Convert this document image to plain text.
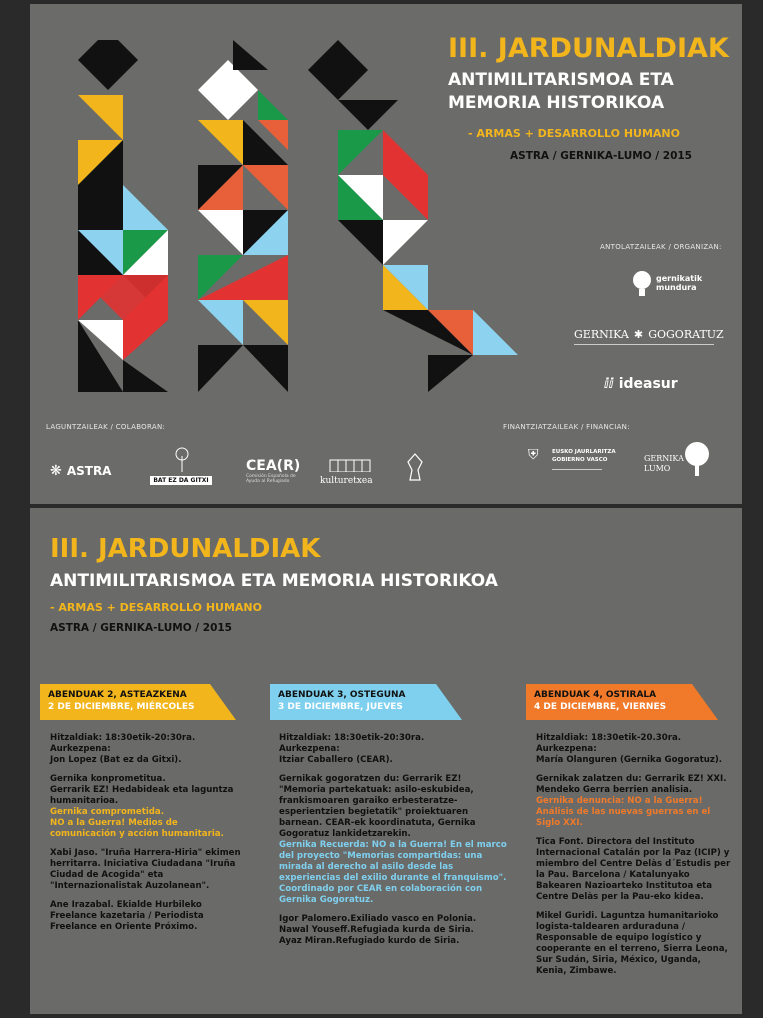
III. JARDUNALDIAK
ANTIMILITARISMOA ETA
MEMORIA HISTORIKOA
- ARMAS + DESARROLLO HUMANO
ASTRA / GERNIKA-LUMO / 2015
ANTOLATZAILEAK / ORGANIZAN:
gernikatik mundura
GERNIKA ✱ GOGORATUZ
ⅈⅈ ideasur
LAGUNTZAILEAK / COLABORAN:	FINANTZIATZAILEAK / FINANCIAN:
❋ ASTRA
BAT EZ DA GITXI
CEA(R)
Comisión Española de Ayuda al Refugiado	kulturetxea
⛨ EUSKO JAURLARITZA
GOBIERNO VASCO	GERNIKA LUMO
III. JARDUNALDIAK
ANTIMILITARISMOA ETA MEMORIA HISTORIKOA
- ARMAS + DESARROLLO HUMANO
ASTRA / GERNIKA-LUMO / 2015
ABENDUAK 2, ASTEAZKENA
2 DE DICIEMBRE, MIÉRCOLES
ABENDUAK 3, OSTEGUNA
3 DE DICIEMBRE, JUEVES
ABENDUAK 4, OSTIRALA
4 DE DICIEMBRE, VIERNES

Hitzaldiak: 18:30etik-20:30ra.
Aurkezpena:
Jon Lopez (Bat ez da Gitxi).

Gernika konprometitua.
Gerrarik EZ! Hedabideak eta laguntza humanitarioa.
Gernika comprometida.
NO a la Guerra! Medios de comunicación y acción humanitaria.

Xabi Jaso. "Iruña Harrera-Hiria" ekimen herritarra. Iniciativa Ciudadana "Iruña Ciudad de Acogida" eta "Internazionalistak Auzolanean".

Ane Irazabal. Ekialde Hurbileko Freelance kazetaria / Periodista Freelance en Oriente Próximo.

Hitzaldiak: 18:30etik-20:30ra.
Aurkezpena:
Itziar Caballero (CEAR).

Gernikak gogoratzen du: Gerrarik EZ! "Memoria partekatuak: asilo-eskubidea, frankismoaren garaiko erbesteratze-esperientzien begietatik" proiektuaren barnean. CEAR-ek koordinatuta, Gernika Gogoratuz lankidetzarekin.

Gernika Recuerda: NO a la Guerra! En el marco del proyecto "Memorias compartidas: una mirada al derecho al asilo desde las experiencias del exilio durante el franquismo". Coordinado por CEAR en colaboración con Gernika Gogoratuz.

Igor Palomero.Exiliado vasco en Polonia.

Nawal Youseff.Refugiada kurda de Siria.

Ayaz Miran.Refugiado kurdo de Siria.

Hitzaldiak: 18:30etik-20.30ra.
Aurkezpena:
María Olanguren (Gernika Gogoratuz).

Gernikak zalatzen du: Gerrarik EZ! XXI. Mendeko Gerra berrien analisia.
Gernika denuncia: NO a la Guerra! Análisis de las nuevas guerras en el Siglo XXI.

Tica Font. Directora del Instituto Internacional Catalán por la Paz (ICIP) y miembro del Centre Delàs d´Estudis per la Pau. Barcelona / Katalunyako Bakearen Nazioarteko Institutoa eta Centre Delàs per la Pau-eko kidea.

Mikel Guridi. Laguntza humanitarioko logista-taldearen arduraduna / Responsable de equipo logístico y cooperante en el terreno, Sierra Leona, Sur Sudán, Siria, México, Uganda, Kenia, Zimbawe.
